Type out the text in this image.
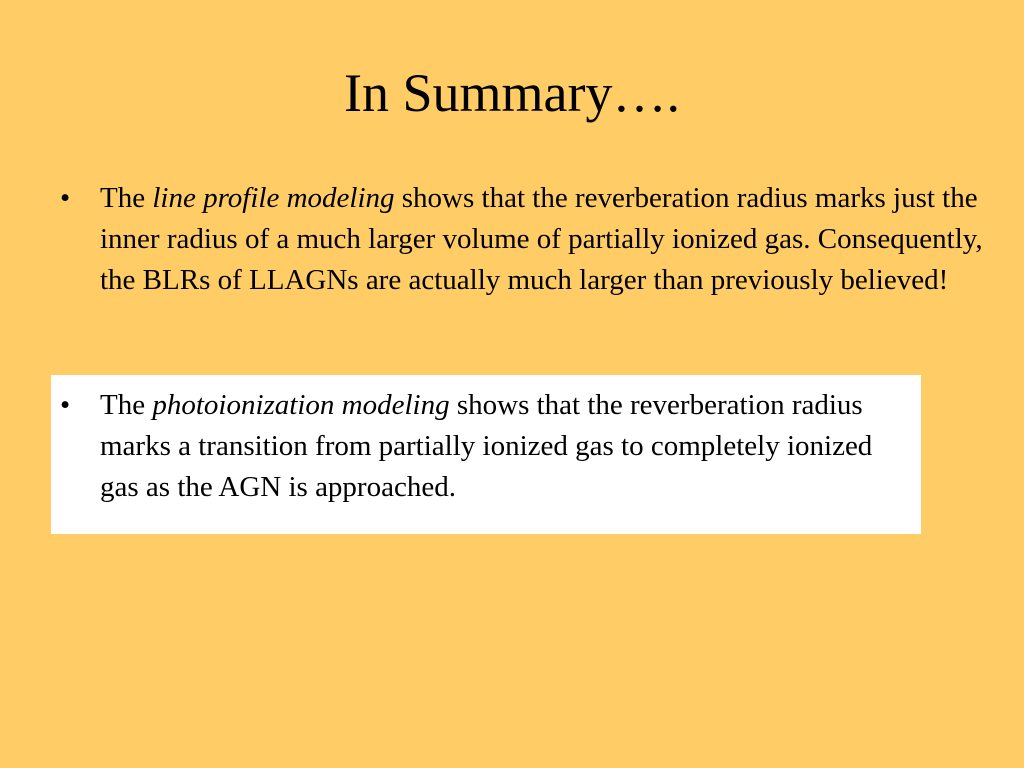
In Summary….
• The line profile modeling shows that the reverberation radius marks just the inner radius of a much larger volume of partially ionized gas. Consequently, the BLRs of LLAGNs are actually much larger than previously believed!
• The photoionization modeling shows that the reverberation radius marks a transition from partially ionized gas to completely ionized gas as the AGN is approached.
